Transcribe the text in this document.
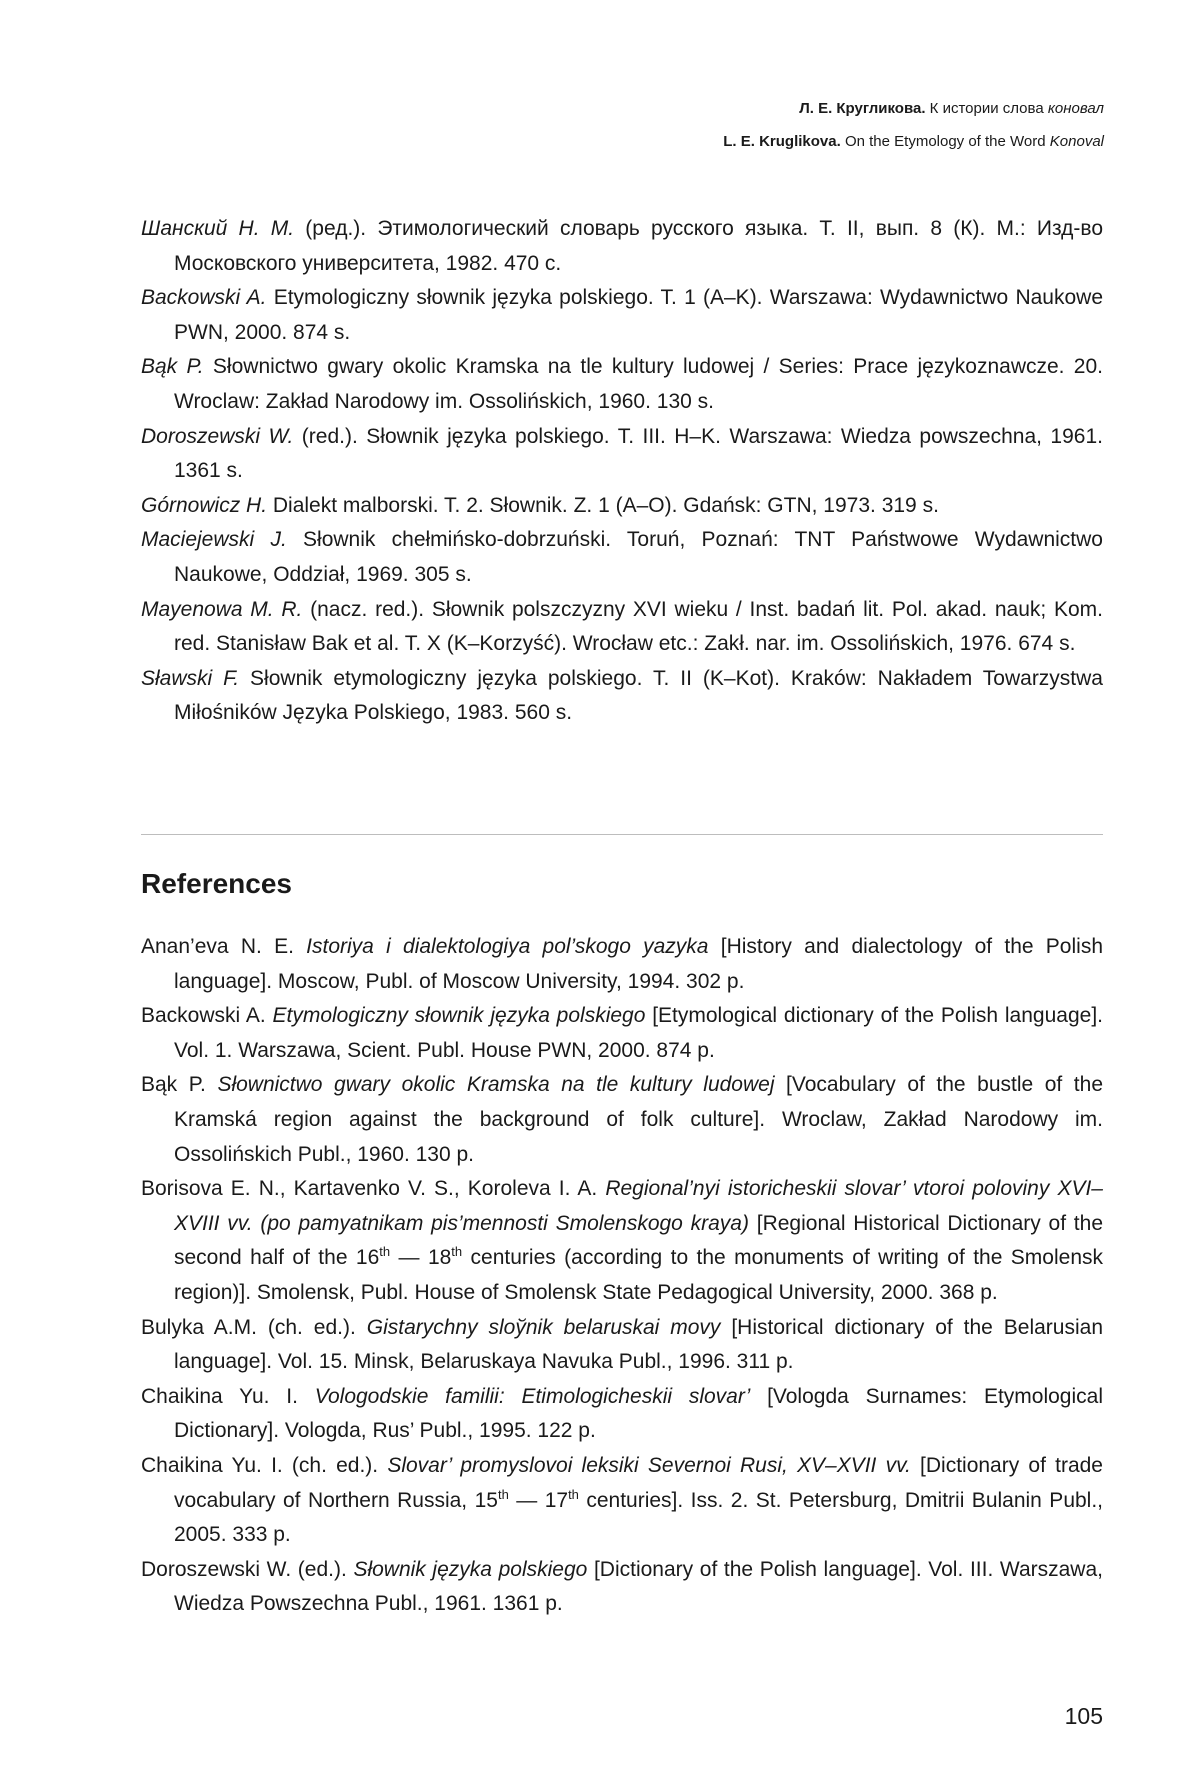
Л. Е. Кругликова. К истории слова коновал
L. E. Kruglikova. On the Etymology of the Word Konoval
Шанский Н. М. (ред.). Этимологический словарь русского языка. Т. II, вып. 8 (К). М.: Изд-во Московского университета, 1982. 470 с.
Backowski A. Etymologiczny słownik języka polskiego. T. 1 (A–K). Warszawa: Wydawnictwo Naukowe PWN, 2000. 874 s.
Bąk P. Słownictwo gwary okolic Kramska na tle kultury ludowej / Series: Prace językoznawcze. 20. Wroclaw: Zakład Narodowy im. Ossolińskich, 1960. 130 s.
Doroszewski W. (red.). Słownik języka polskiego. T. III. H–K. Warszawa: Wiedza powszechna, 1961. 1361 s.
Górnowicz H. Dialekt malborski. T. 2. Słownik. Z. 1 (A–O). Gdańsk: GTN, 1973. 319 s.
Maciejewski J. Słownik chełmińsko-dobrzuński. Toruń, Poznań: TNT Państwowe Wydawnictwo Naukowe, Oddział, 1969. 305 s.
Mayenowa M. R. (nacz. red.). Słownik polszczyzny XVI wieku / Inst. badań lit. Pol. akad. nauk; Kom. red. Stanisław Bak et al. T. X (K–Korzyść). Wrocław etc.: Zakł. nar. im. Ossolińskich, 1976. 674 s.
Sławski F. Słownik etymologiczny języka polskiego. T. II (K–Kot). Kraków: Nakładem Towarzystwa Miłośników Języka Polskiego, 1983. 560 s.
References
Anan’eva N. E. Istoriya i dialektologiya pol’skogo yazyka [History and dialectology of the Polish language]. Moscow, Publ. of Moscow University, 1994. 302 p.
Backowski A. Etymologiczny słownik języka polskiego [Etymological dictionary of the Polish language]. Vol. 1. Warszawa, Scient. Publ. House PWN, 2000. 874 p.
Bąk P. Słownictwo gwary okolic Kramska na tle kultury ludowej [Vocabulary of the bustle of the Kramská region against the background of folk culture]. Wroclaw, Zakład Narodowy im. Ossolińskich Publ., 1960. 130 p.
Borisova E. N., Kartavenko V. S., Koroleva I. A. Regional’nyi istoricheskii slovar’ vtoroi poloviny XVI–XVIII vv. (po pamyatnikam pis’mennosti Smolenskogo kraya) [Regional Historical Dictionary of the second half of the 16th — 18th centuries (according to the monuments of writing of the Smolensk region)]. Smolensk, Publ. House of Smolensk State Pedagogical University, 2000. 368 p.
Bulyka A.M. (ch. ed.). Gistarychny sloўnik belaruskai movy [Historical dictionary of the Belarusian language]. Vol. 15. Minsk, Belaruskaya Navuka Publ., 1996. 311 p.
Chaikina Yu. I. Vologodskie familii: Etimologicheskii slovar’ [Vologda Surnames: Etymological Dictionary]. Vologda, Rus’ Publ., 1995. 122 p.
Chaikina Yu. I. (ch. ed.). Slovar’ promyslovoi leksiki Severnoi Rusi, XV–XVII vv. [Dictionary of trade vocabulary of Northern Russia, 15th — 17th centuries]. Iss. 2. St. Petersburg, Dmitrii Bulanin Publ., 2005. 333 p.
Doroszewski W. (ed.). Słownik języka polskiego [Dictionary of the Polish language]. Vol. III. Warszawa, Wiedza Powszechna Publ., 1961. 1361 p.
105
